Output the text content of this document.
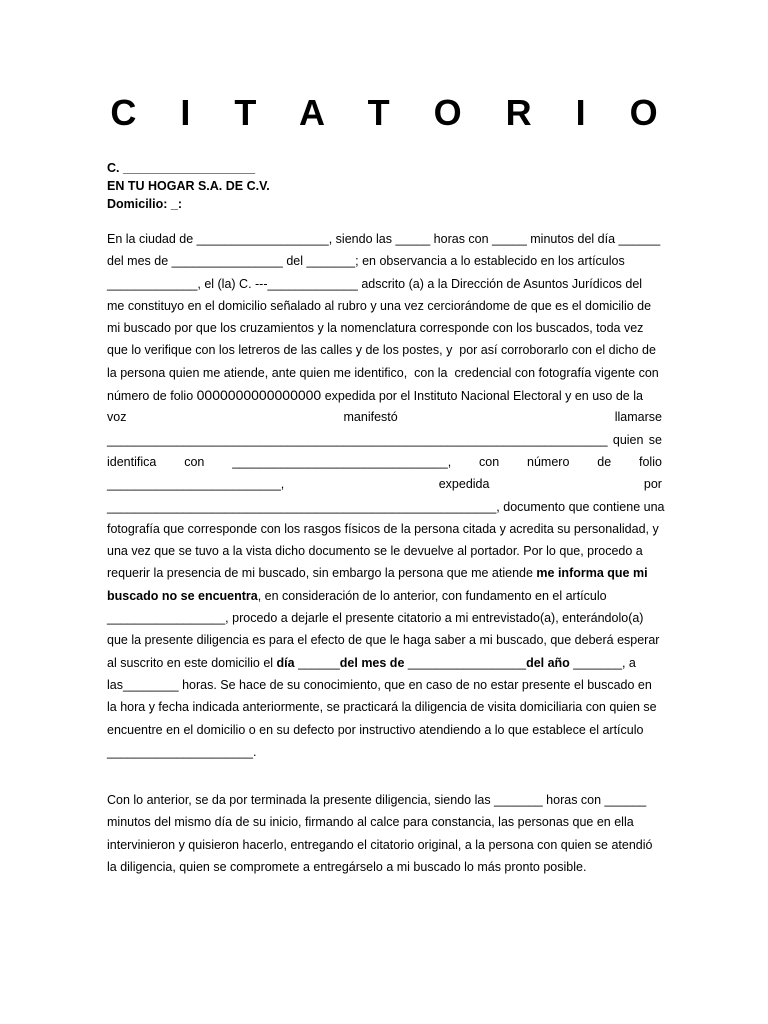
C I T A T O R I O
C. ___________________
EN TU HOGAR S.A. DE C.V.
Domicilio: _:
En la ciudad de ___________________, siendo las _____ horas con _____ minutos del día ______
del mes de ________________ del _______; en observancia a lo establecido en los artículos
_____________, el (la) C. ---_____________ adscrito (a) a la Dirección de Asuntos Jurídicos del
me constituyo en el domicilio señalado al rubro y una vez cerciorándome de que es el domicilio de
mi buscado por que los cruzamientos y la nomenclatura corresponde con los buscados, toda vez
que lo verifique con los letreros de las calles y de los postes, y  por así corroborarlo con el dicho de
la persona quien me atiende, ante quien me identifico,  con la  credencial con fotografía vigente con
número de folio 0000000000000000 expedida por el Instituto Nacional Electoral y en uso de la
voz	manifestó	llamarse
________________________________________________________________________ quien se
identifica con _______________________________, con número de folio
_________________________,	expedida	por
________________________________________________________, documento que contiene una
fotografía que corresponde con los rasgos físicos de la persona citada y acredita su personalidad, y
una vez que se tuvo a la vista dicho documento se le devuelve al portador. Por lo que, procedo a
requerir la presencia de mi buscado, sin embargo la persona que me atiende me informa que mi
buscado no se encuentra, en consideración de lo anterior, con fundamento en el artículo
_________________, procedo a dejarle el presente citatorio a mi entrevistado(a), enterándolo(a)
que la presente diligencia es para el efecto de que le haga saber a mi buscado, que deberá esperar
al suscrito en este domicilio el día ______del mes de _________________del año _______, a
las________ horas. Se hace de su conocimiento, que en caso de no estar presente el buscado en
la hora y fecha indicada anteriormente, se practicará la diligencia de visita domiciliaria con quien se
encuentre en el domicilio o en su defecto por instructivo atendiendo a lo que establece el artículo
_____________________.
Con lo anterior, se da por terminada la presente diligencia, siendo las _______ horas con ______
minutos del mismo día de su inicio, firmando al calce para constancia, las personas que en ella
intervinieron y quisieron hacerlo, entregando el citatorio original, a la persona con quien se atendió
la diligencia, quien se compromete a entregárselo a mi buscado lo más pronto posible.
